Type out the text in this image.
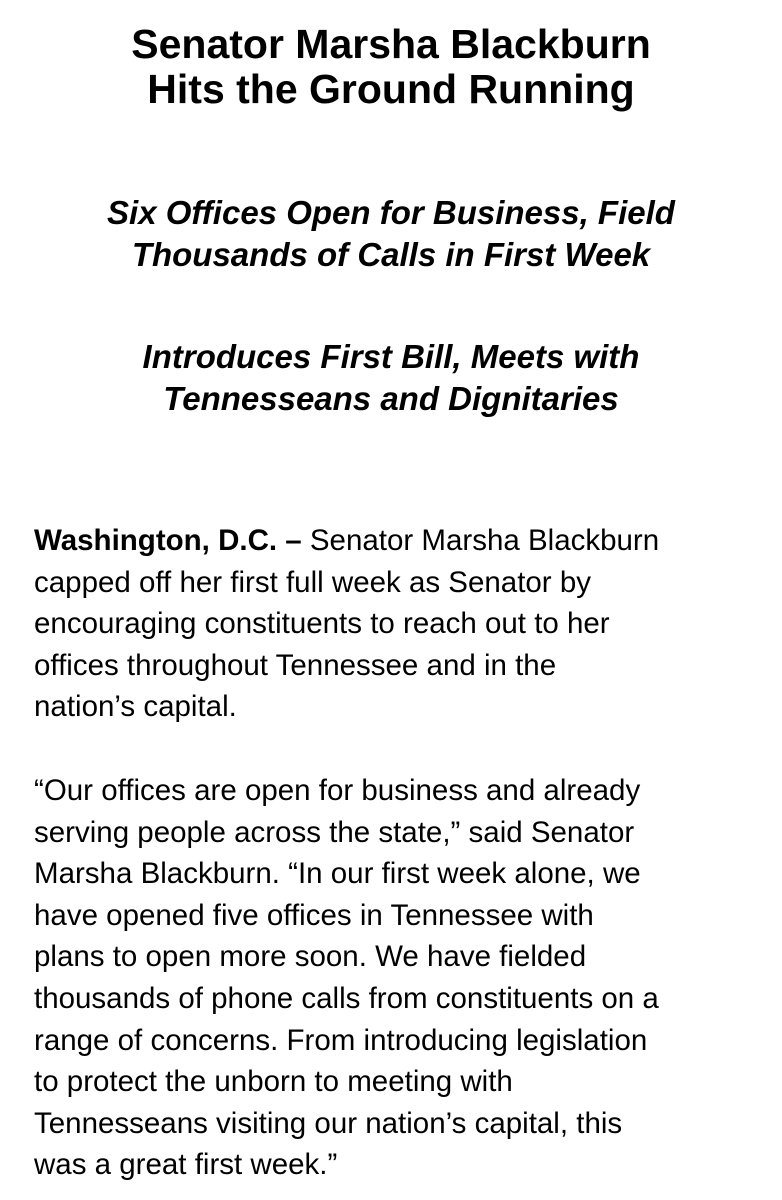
Senator Marsha Blackburn
Hits the Ground Running
Six Offices Open for Business, Field
Thousands of Calls in First Week
Introduces First Bill, Meets with
Tennesseans and Dignitaries

Washington, D.C. – Senator Marsha Blackburn
capped off her first full week as Senator by
encouraging constituents to reach out to her
offices throughout Tennessee and in the
nation’s capital.

“Our offices are open for business and already
serving people across the state,” said Senator
Marsha Blackburn. “In our first week alone, we
have opened five offices in Tennessee with
plans to open more soon. We have fielded
thousands of phone calls from constituents on a
range of concerns. From introducing legislation
to protect the unborn to meeting with
Tennesseans visiting our nation’s capital, this
was a great first week.”
